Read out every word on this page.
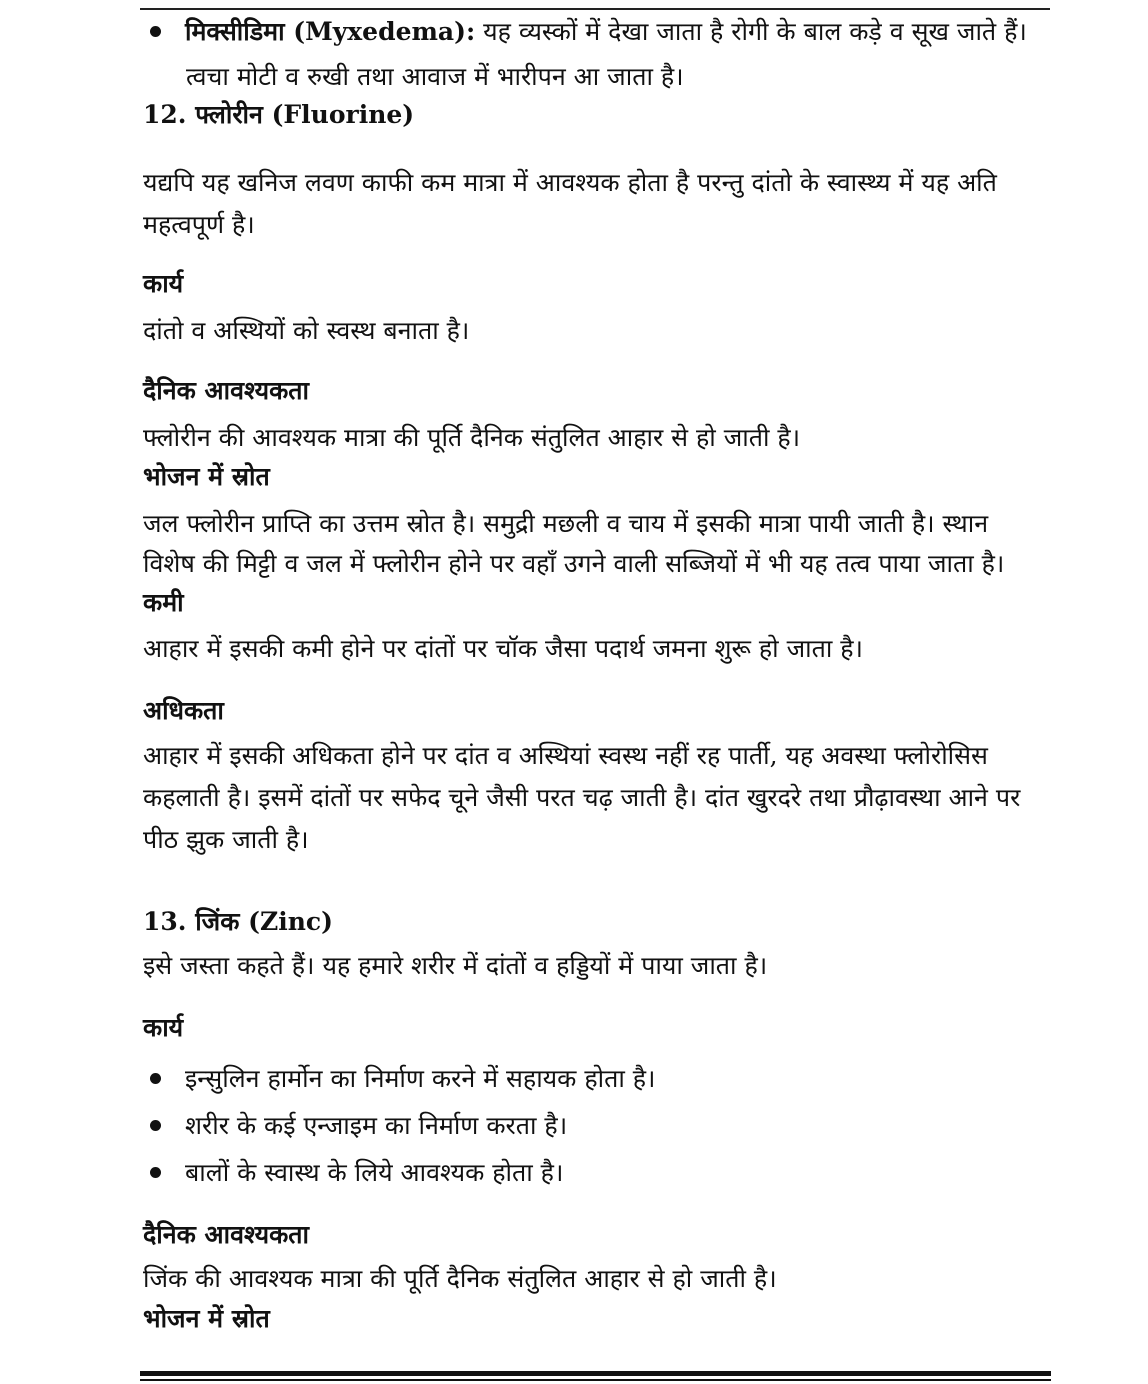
मिक्सीडिमा (Myxedema): यह व्यस्कों में देखा जाता है रोगी के बाल कड़े व सूख जाते हैं।
त्वचा मोटी व रुखी तथा आवाज में भारीपन आ जाता है।
12. फ्लोरीन (Fluorine)
यद्यपि यह खनिज लवण काफी कम मात्रा में आवश्यक होता है परन्तु दांतो के स्वास्थ्य में यह अति
महत्वपूर्ण है।
कार्य
दांतो व अस्थियों को स्वस्थ बनाता है।
दैनिक आवश्यकता
फ्लोरीन की आवश्यक मात्रा की पूर्ति दैनिक संतुलित आहार से हो जाती है।
भोजन में स्रोत
जल फ्लोरीन प्राप्ति का उत्तम स्रोत है। समुद्री मछली व चाय में इसकी मात्रा पायी जाती है। स्थान
विशेष की मिट्टी व जल में फ्लोरीन होने पर वहाँ उगने वाली सब्जियों में भी यह तत्व पाया जाता है।
कमी
आहार में इसकी कमी होने पर दांतों पर चॉक जैसा पदार्थ जमना शुरू हो जाता है।
अधिकता
आहार में इसकी अधिकता होने पर दांत व अस्थियां स्वस्थ नहीं रह पार्ती, यह अवस्था फ्लोरोसिस
कहलाती है। इसमें दांतों पर सफेद चूने जैसी परत चढ़ जाती है। दांत खुरदरे तथा प्रौढ़ावस्था आने पर
पीठ झुक जाती है।
13. जिंक (Zinc)
इसे जस्ता कहते हैं। यह हमारे शरीर में दांतों व हड्डियों में पाया जाता है।
कार्य
इन्सुलिन हार्मोन का निर्माण करने में सहायक होता है।
शरीर के कई एन्जाइम का निर्माण करता है।
बालों के स्वास्थ के लिये आवश्यक होता है।
दैनिक आवश्यकता
जिंक की आवश्यक मात्रा की पूर्ति दैनिक संतुलित आहार से हो जाती है।
भोजन में स्रोत
